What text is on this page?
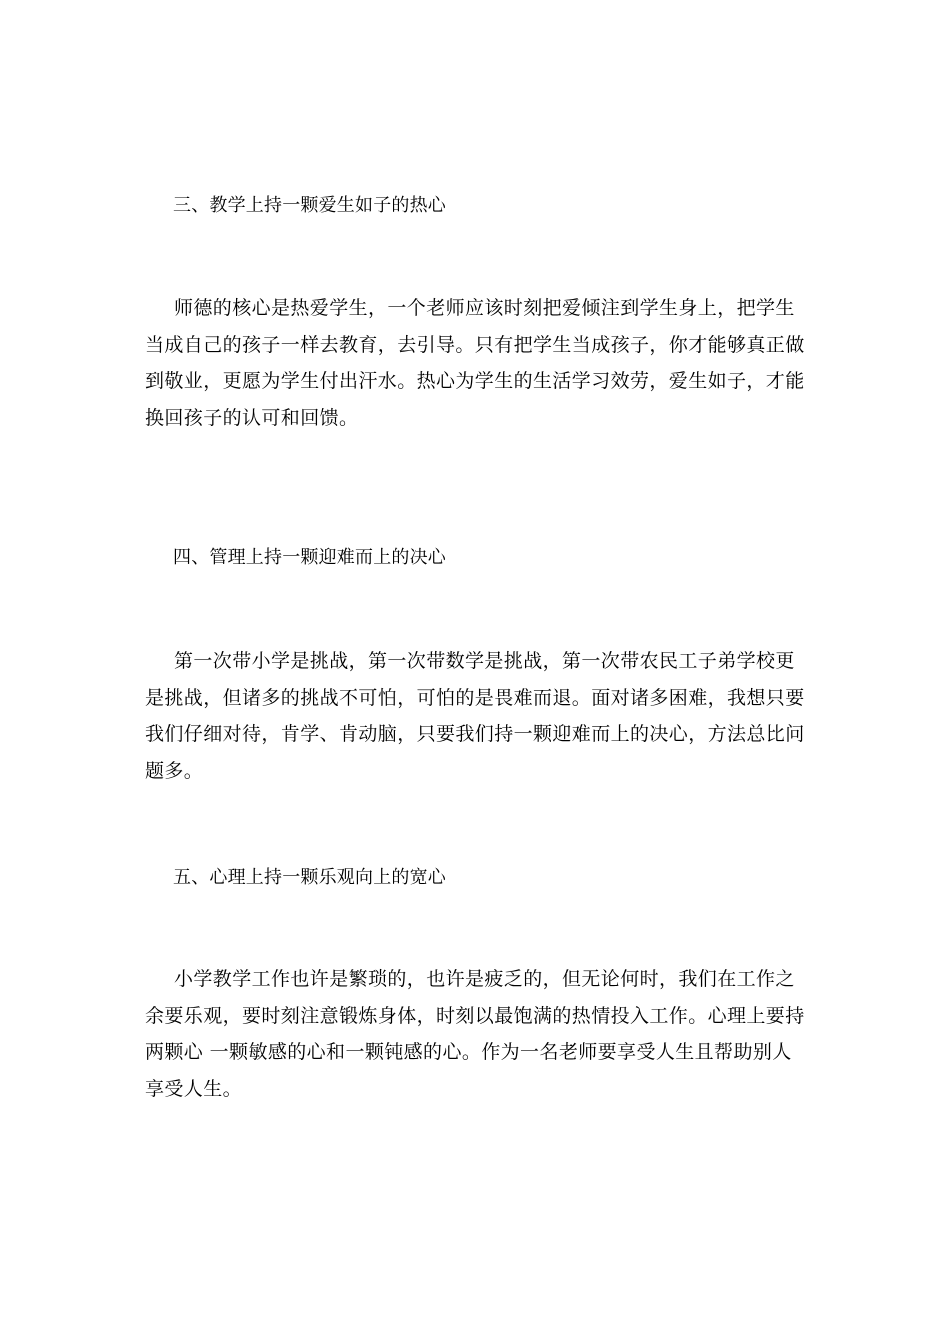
三、教学上持一颗爱生如子的热心

师德的核心是热爱学生，一个老师应该时刻把爱倾注到学生身上，把学生当成自己的孩子一样去教育，去引导。只有把学生当成孩子，你才能够真正做到敬业，更愿为学生付出汗水。热心为学生的生活学习效劳，爱生如子，才能换回孩子的认可和回馈。

四、管理上持一颗迎难而上的决心

第一次带小学是挑战，第一次带数学是挑战，第一次带农民工子弟学校更是挑战，但诸多的挑战不可怕，可怕的是畏难而退。面对诸多困难，我想只要我们仔细对待，肯学、肯动脑，只要我们持一颗迎难而上的决心，方法总比问题多。

五、心理上持一颗乐观向上的宽心

小学教学工作也许是繁琐的，也许是疲乏的，但无论何时，我们在工作之余要乐观，要时刻注意锻炼身体，时刻以最饱满的热情投入工作。心理上要持两颗心 一颗敏感的心和一颗钝感的心。作为一名老师要享受人生且帮助别人享受人生。
